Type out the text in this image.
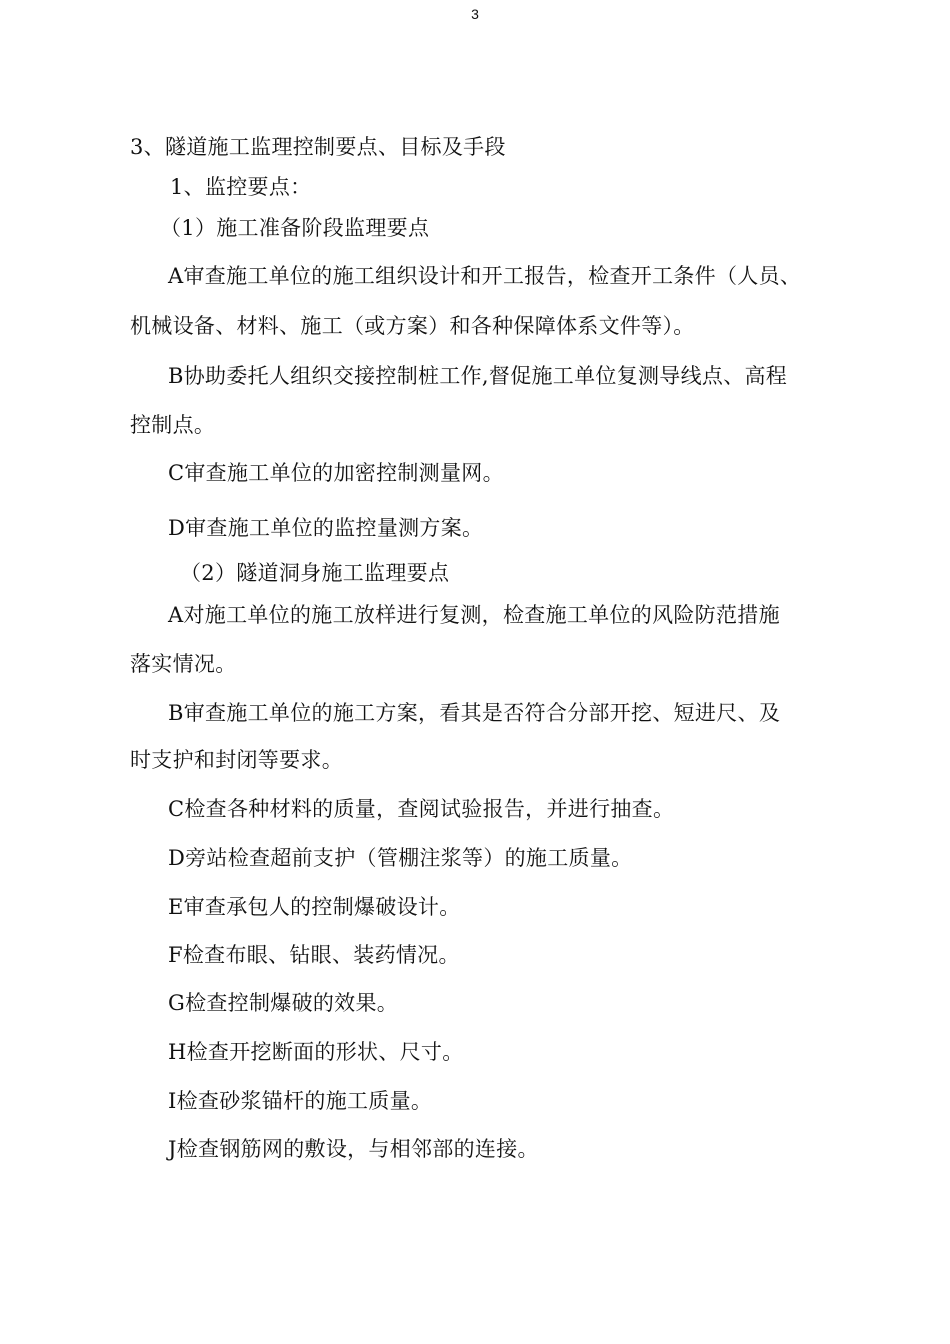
3
3、隧道施工监理控制要点、目标及手段
1、监控要点：
（1）施工准备阶段监理要点
A审查施工单位的施工组织设计和开工报告，检查开工条件（人员、
机械设备、材料、施工（或方案）和各种保障体系文件等）。
B协助委托人组织交接控制桩工作,督促施工单位复测导线点、高程
控制点。
C审查施工单位的加密控制测量网。
D审查施工单位的监控量测方案。
（2）隧道洞身施工监理要点
A对施工单位的施工放样进行复测，检查施工单位的风险防范措施
落实情况。
B审查施工单位的施工方案，看其是否符合分部开挖、短进尺、及
时支护和封闭等要求。
C检查各种材料的质量，查阅试验报告，并进行抽查。
D旁站检查超前支护（管棚注浆等）的施工质量。
E审查承包人的控制爆破设计。
F检查布眼、钻眼、装药情况。
G检查控制爆破的效果。
H检查开挖断面的形状、尺寸。
I检查砂浆锚杆的施工质量。
J检查钢筋网的敷设，与相邻部的连接。
